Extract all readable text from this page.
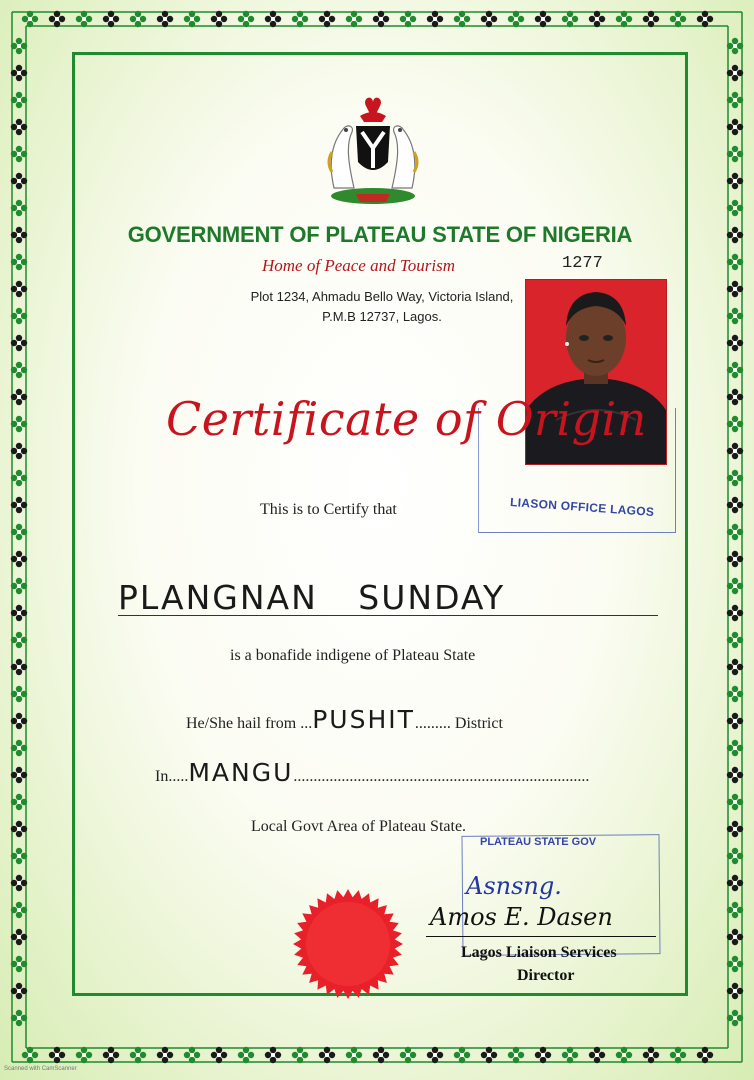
GOVERNMENT OF PLATEAU STATE OF NIGERIA
Home of Peace and Tourism	1277
Plot 1234, Ahmadu Bello Way, Victoria Island,
P.M.B 12737, Lagos.
LIASON OFFICE LAGOS
Certificate of Origin
This is to Certify that
PLANGNAN SUNDAY
is a bonafide indigene of Plateau State
He/She hail from ...PUSHIT......... District
In.....MANGU..........................................................................
Local Govt Area of Plateau State.
PLATEAU STATE GOV
Asnsng.
Amos E. Dasen
Lagos Liaison Services
Director
Scanned with CamScanner
